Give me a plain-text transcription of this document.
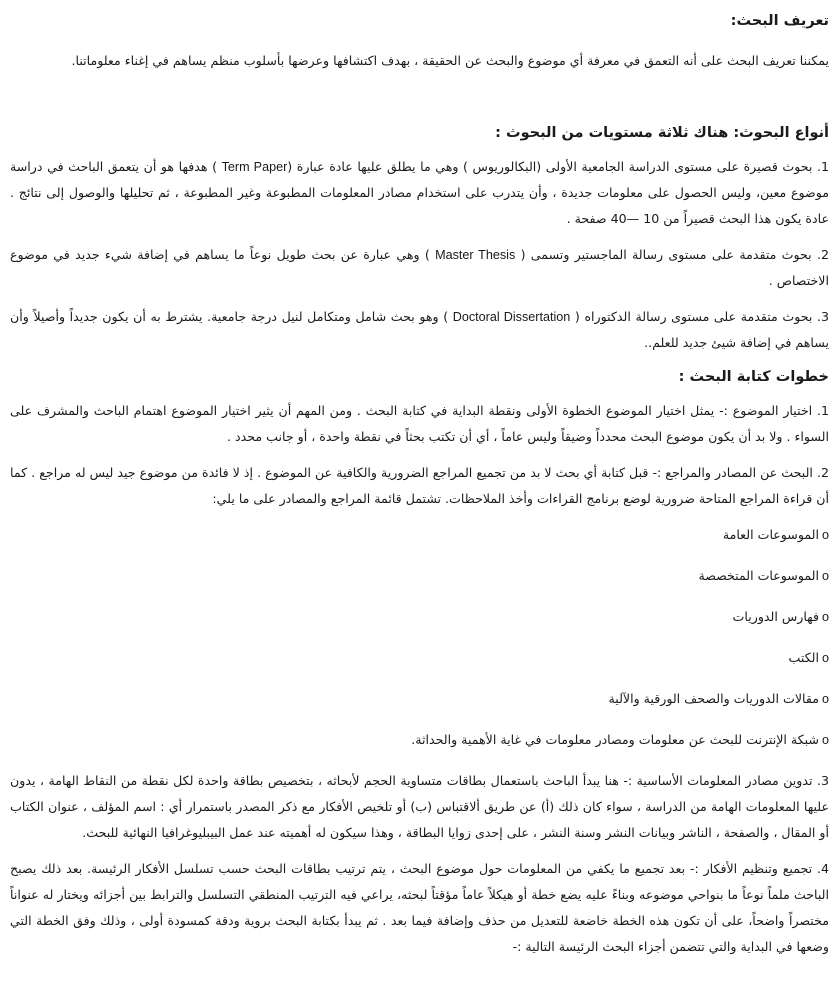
تعريف البحث:

يمكننا تعريف البحث على أنه التعمق في معرفة أي موضوع والبحث عن الحقيقة ، بهدف اكتشافها وعرضها بأسلوب منظم يساهم في إغناء معلوماتنا.

أنواع البحوث: هناك ثلاثة مستويات من البحوث :

1. بحوث قصيرة على مستوى الدراسة الجامعية الأولى (البكالوريوس ) وهي ما يطلق عليها عادة عبارة (Term Paper ) هدفها هو أن يتعمق الباحث في دراسة موضوع معين، وليس الحصول على معلومات جديدة ، وأن يتدرب على استخدام مصادر المعلومات المطبوعة وغير المطبوعة ، ثم تحليلها والوصول إلى نتائج . عادة يكون هذا البحث قصيراً من 10 —40 صفحة .

2. بحوث متقدمة على مستوى رسالة الماجستير وتسمى ( Master Thesis ) وهي عبارة عن بحث طويل نوعاً ما يساهم في إضافة شيء جديد في موضوع الاختصاص .

3. بحوث متقدمة على مستوى رسالة الدكتوراه ( Doctoral Dissertation ) وهو بحث شامل ومتكامل لنيل درجة جامعية. يشترط به أن يكون جديداً وأصيلاً وأن يساهم في إضافة شيئ جديد للعلم..

خطوات كتابة البحث :

1. اختيار الموضوع :- يمثل اختيار الموضوع الخطوة الأولى ونقطة البداية في كتابة البحث . ومن المهم أن يثير اختيار الموضوع اهتمام الباحث والمشرف على السواء . ولا بد أن يكون موضوع البحث محدداً وضيقاً وليس عاماً ، أي أن تكتب بحثاً في نقطة واحدة ، أو جانب محدد .

2. البحث عن المصادر والمراجع :- قبل كتابة أي بحث لا بد من تجميع المراجع الضرورية والكافية عن الموضوع . إذ لا فائدة من موضوع جيد ليس له مراجع . كما أن قراءة المراجع المتاحة ضرورية لوضع برنامج القراءات وأخذ الملاحظات. تشتمل قائمة المراجع والمصادر على ما يلي:

oالموسوعات العامة
oالموسوعات المتخصصة
oفهارس الدوريات
oالكتب
oمقالات الدوريات والصحف الورقية والآلية
oشبكة الإنترنت للبحث عن معلومات ومصادر معلومات في غاية الأهمية والحداثة.

3. تدوين مصادر المعلومات الأساسية :- هنا يبدأ الباحث باستعمال بطاقات متساوية الحجم لأبحاثه ، بتخصيص بطاقة واحدة لكل نقطة من النقاط الهامة ، يدون عليها المعلومات الهامة من الدراسة ، سواء كان ذلك (أ) عن طريق ألاقتباس (ب) أو تلخيص الأفكار مع ذكر المصدر باستمرار أي : اسم المؤلف ، عنوان الكتاب أو المقال ، والصفحة ، الناشر وبيانات النشر وسنة النشر ، على إحدى زوايا البطاقة ، وهذا سيكون له أهميته عند عمل البيبليوغرافيا النهائية للبحث.

4. تجميع وتنظيم الأفكار :- بعد تجميع ما يكفي من المعلومات حول موضوع البحث ، يتم ترتيب بطاقات البحث حسب تسلسل الأفكار الرئيسة. بعد ذلك يصبح الباحث ملماً نوعاً ما بنواحي موضوعه وبناءً عليه يضع خطة أو هيكلاً عاماً مؤقتاً لبحثه، يراعي فيه الترتيب المنطقي التسلسل والترابط بين أجزائه ويختار له عنواناً مختصراً واضحاً، على أن تكون هذه الخطة خاضعة للتعديل من حذف وإضافة فيما بعد . ثم يبدأ بكتابة البحث بروية ودقة كمسودة أولى ، وذلك وفق الخطة التي وضعها في البداية والتي تتضمن أجزاء البحث الرئيسة التالية :-
